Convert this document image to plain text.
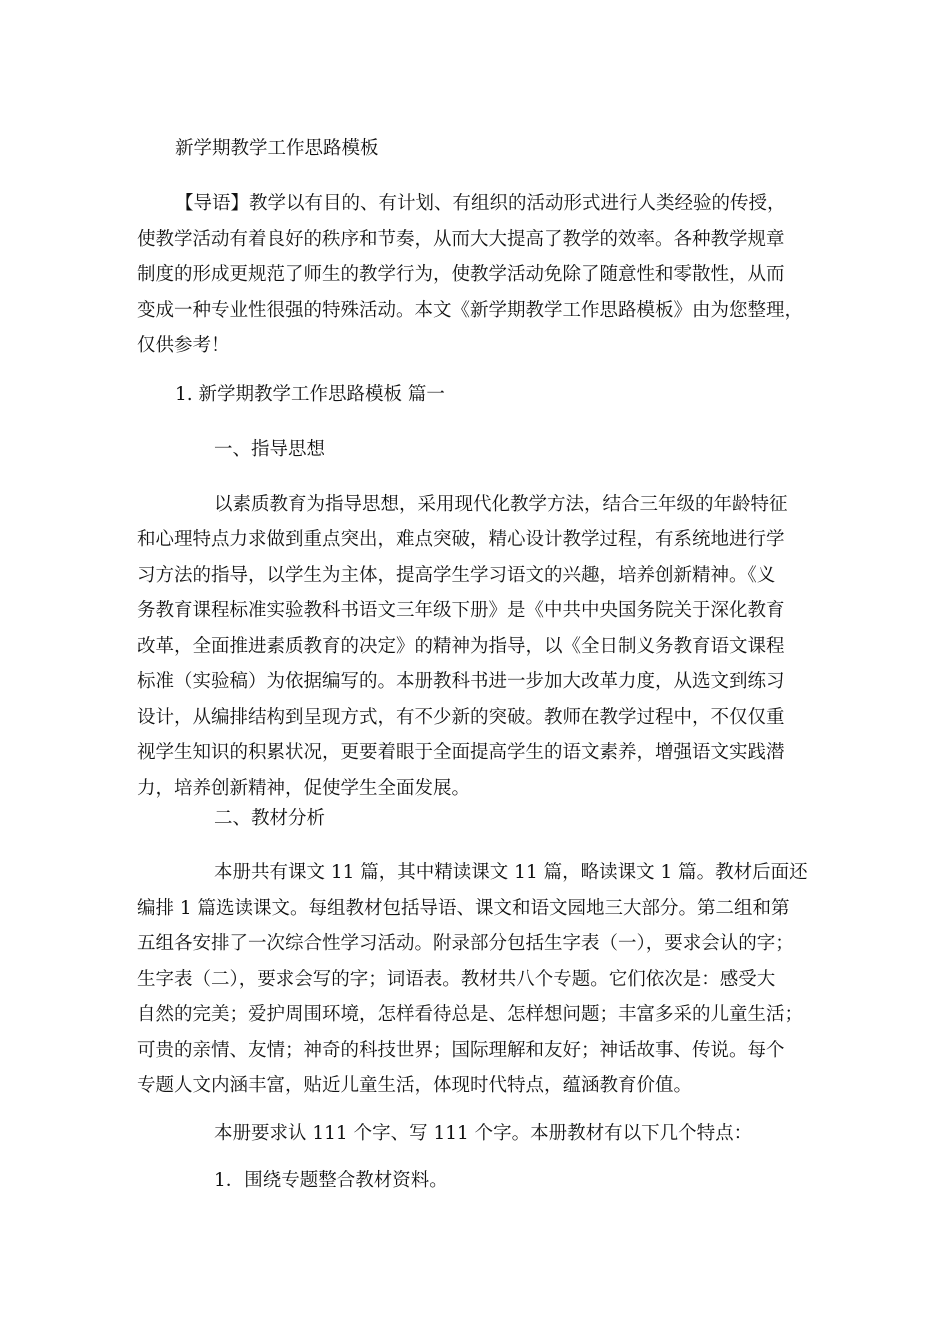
新学期教学工作思路模板
【导语】教学以有目的、有计划、有组织的活动形式进行人类经验的传授，
使教学活动有着良好的秩序和节奏，从而大大提高了教学的效率。各种教学规章
制度的形成更规范了师生的教学行为，使教学活动免除了随意性和零散性，从而
变成一种专业性很强的特殊活动。本文《新学期教学工作思路模板》由为您整理，
仅供参考！
1. 新学期教学工作思路模板 篇一
一、指导思想
以素质教育为指导思想，采用现代化教学方法，结合三年级的年龄特征
和心理特点力求做到重点突出，难点突破，精心设计教学过程，有系统地进行学
习方法的指导，以学生为主体，提高学生学习语文的兴趣，培养创新精神。《义
务教育课程标准实验教科书语文三年级下册》是《中共中央国务院关于深化教育
改革，全面推进素质教育的决定》的精神为指导，以《全日制义务教育语文课程
标准（实验稿）为依据编写的。本册教科书进一步加大改革力度，从选文到练习
设计，从编排结构到呈现方式，有不少新的突破。教师在教学过程中，不仅仅重
视学生知识的积累状况，更要着眼于全面提高学生的语文素养，增强语文实践潜
力，培养创新精神，促使学生全面发展。
二、教材分析
本册共有课文 11 篇，其中精读课文 11 篇，略读课文 1 篇。教材后面还
编排 1 篇选读课文。每组教材包括导语、课文和语文园地三大部分。第二组和第
五组各安排了一次综合性学习活动。附录部分包括生字表（一），要求会认的字；
生字表（二），要求会写的字；词语表。教材共八个专题。它们依次是：感受大
自然的完美；爱护周围环境，怎样看待总是、怎样想问题；丰富多采的儿童生活；
可贵的亲情、友情；神奇的科技世界；国际理解和友好；神话故事、传说。每个
专题人文内涵丰富，贴近儿童生活，体现时代特点，蕴涵教育价值。
本册要求认 111 个字、写 111 个字。本册教材有以下几个特点：
1．围绕专题整合教材资料。
